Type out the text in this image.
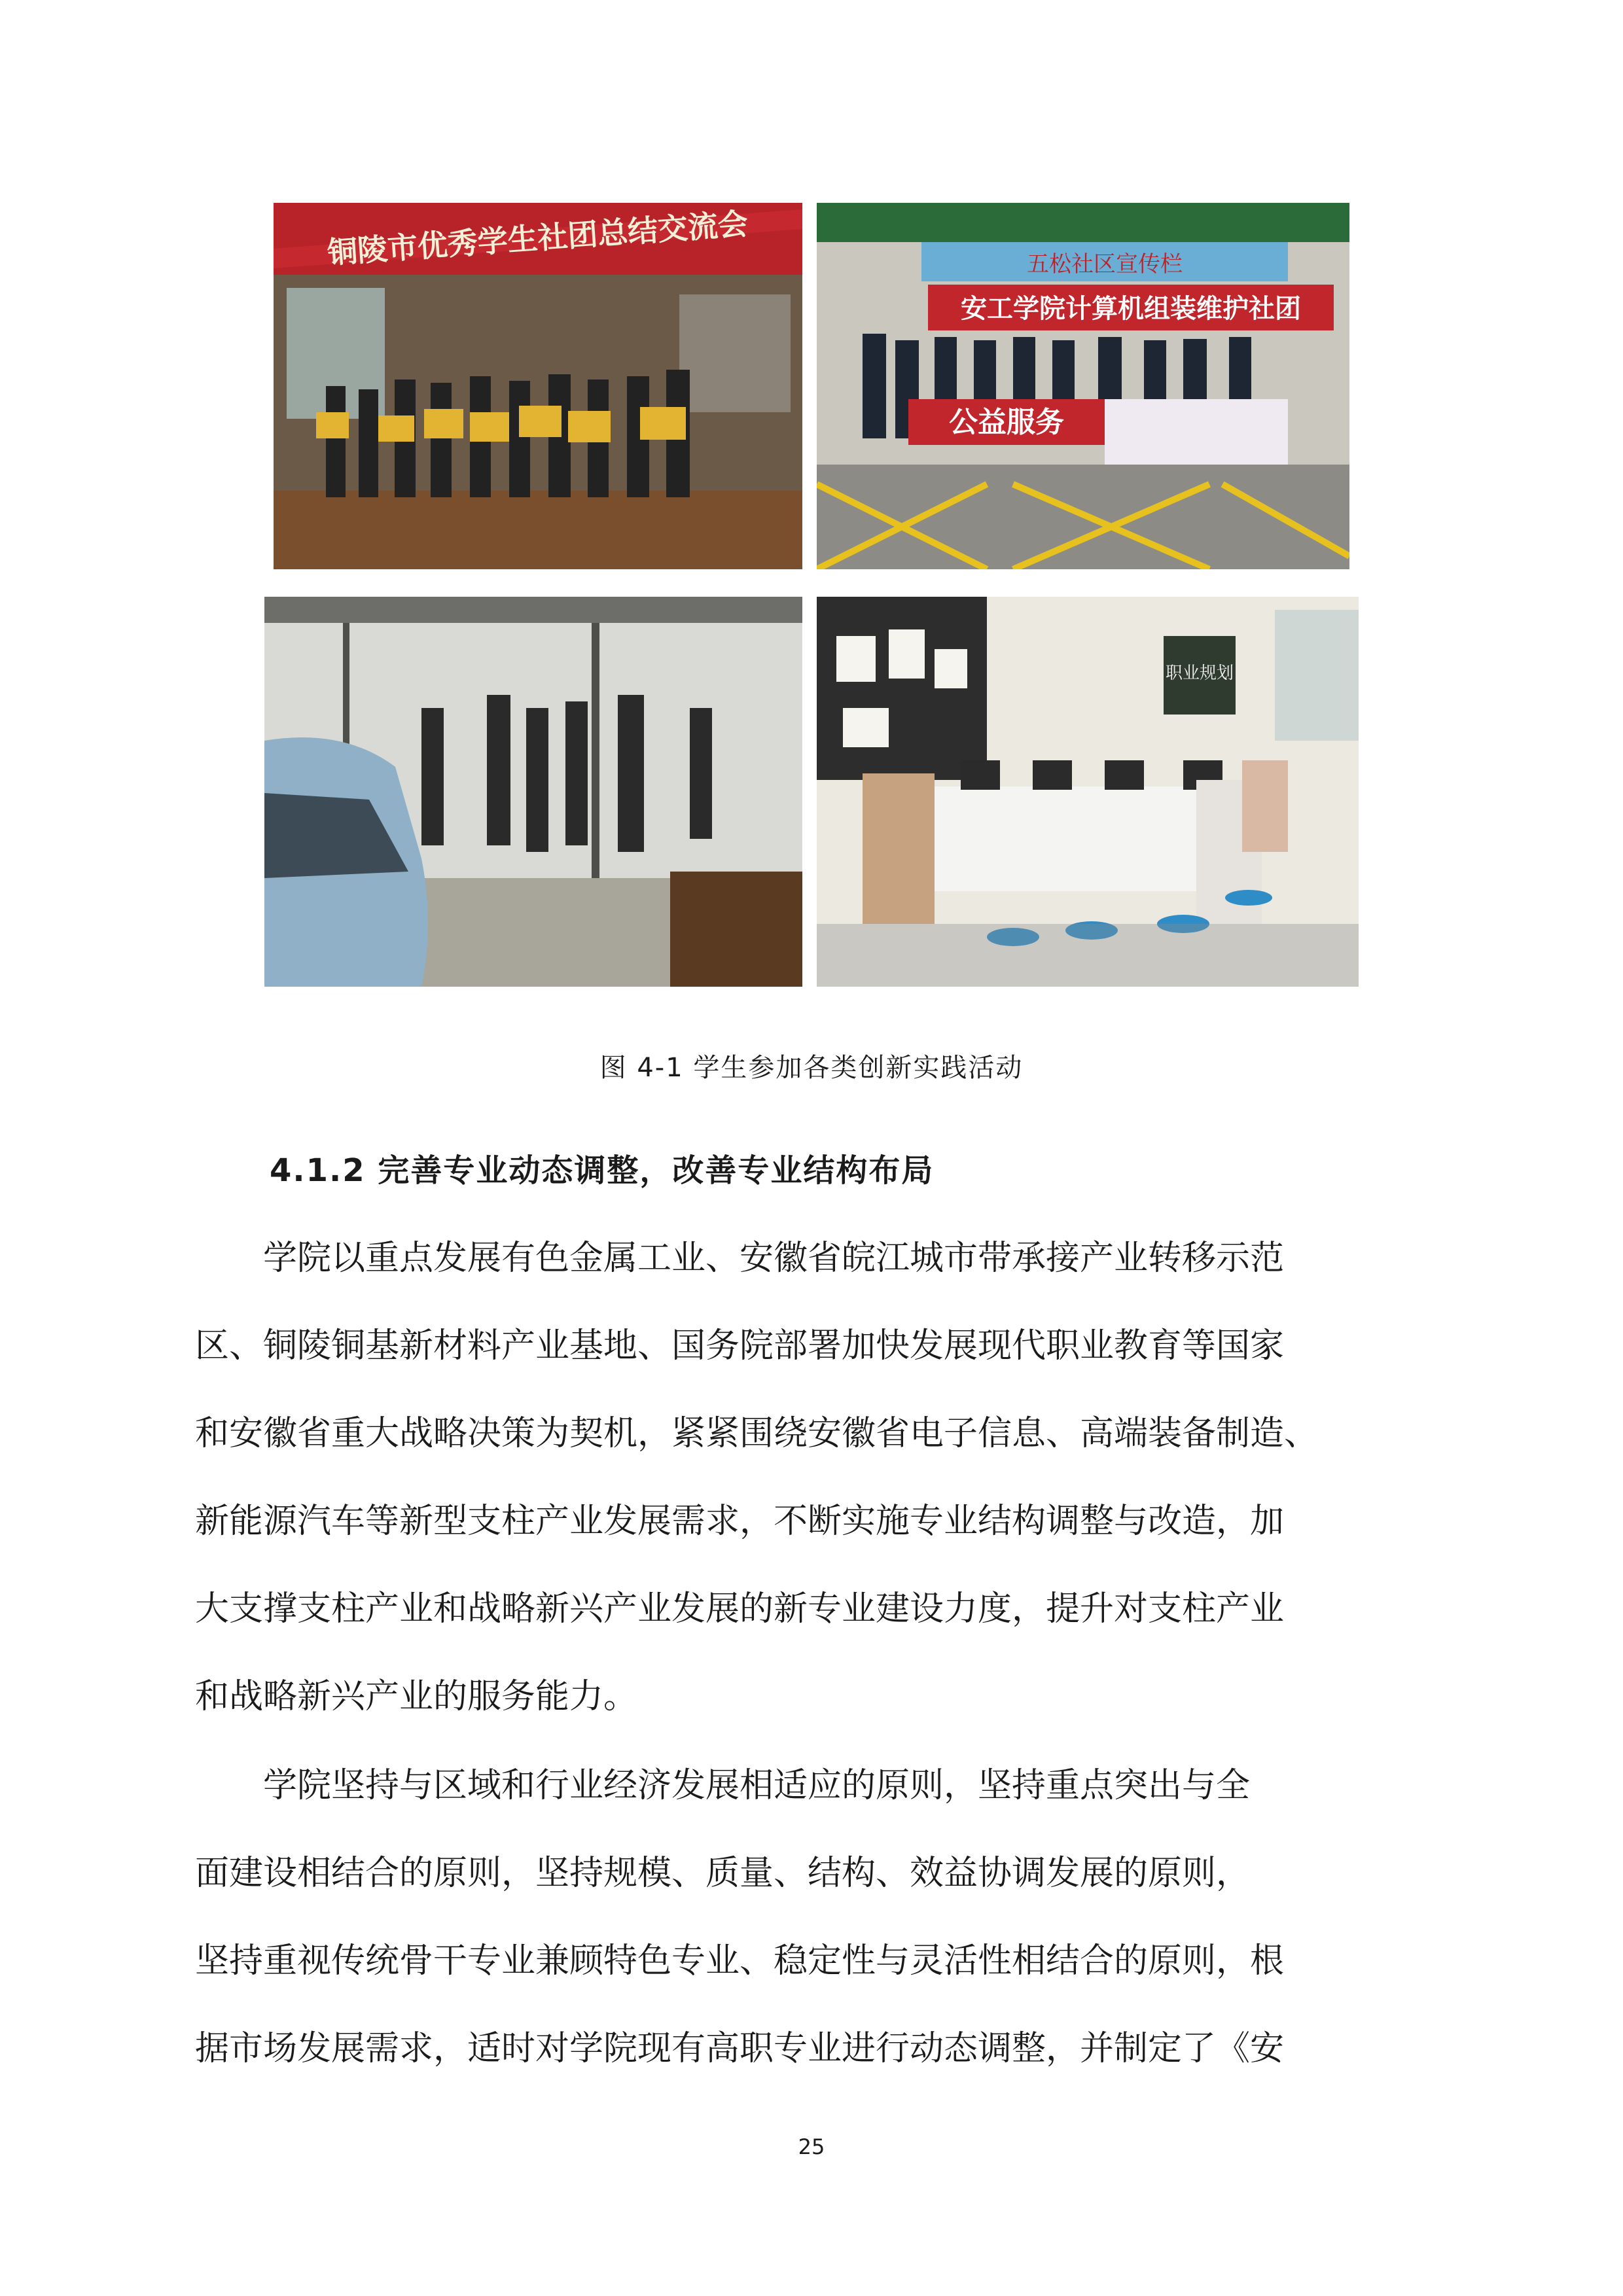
铜陵市优秀学生社团总结交流会	五松社区宣传栏
安工学院计算机组装维护社团
公益服务
职业规划
图 4-1 学生参加各类创新实践活动
4.1.2 完善专业动态调整，改善专业结构布局
学院以重点发展有色金属工业、安徽省皖江城市带承接产业转移示范
区、铜陵铜基新材料产业基地、国务院部署加快发展现代职业教育等国家
和安徽省重大战略决策为契机，紧紧围绕安徽省电子信息、高端装备制造、
新能源汽车等新型支柱产业发展需求，不断实施专业结构调整与改造，加
大支撑支柱产业和战略新兴产业发展的新专业建设力度，提升对支柱产业
和战略新兴产业的服务能力。
学院坚持与区域和行业经济发展相适应的原则，坚持重点突出与全
面建设相结合的原则，坚持规模、质量、结构、效益协调发展的原则，
坚持重视传统骨干专业兼顾特色专业、稳定性与灵活性相结合的原则，根
据市场发展需求，适时对学院现有高职专业进行动态调整，并制定了《安
25
